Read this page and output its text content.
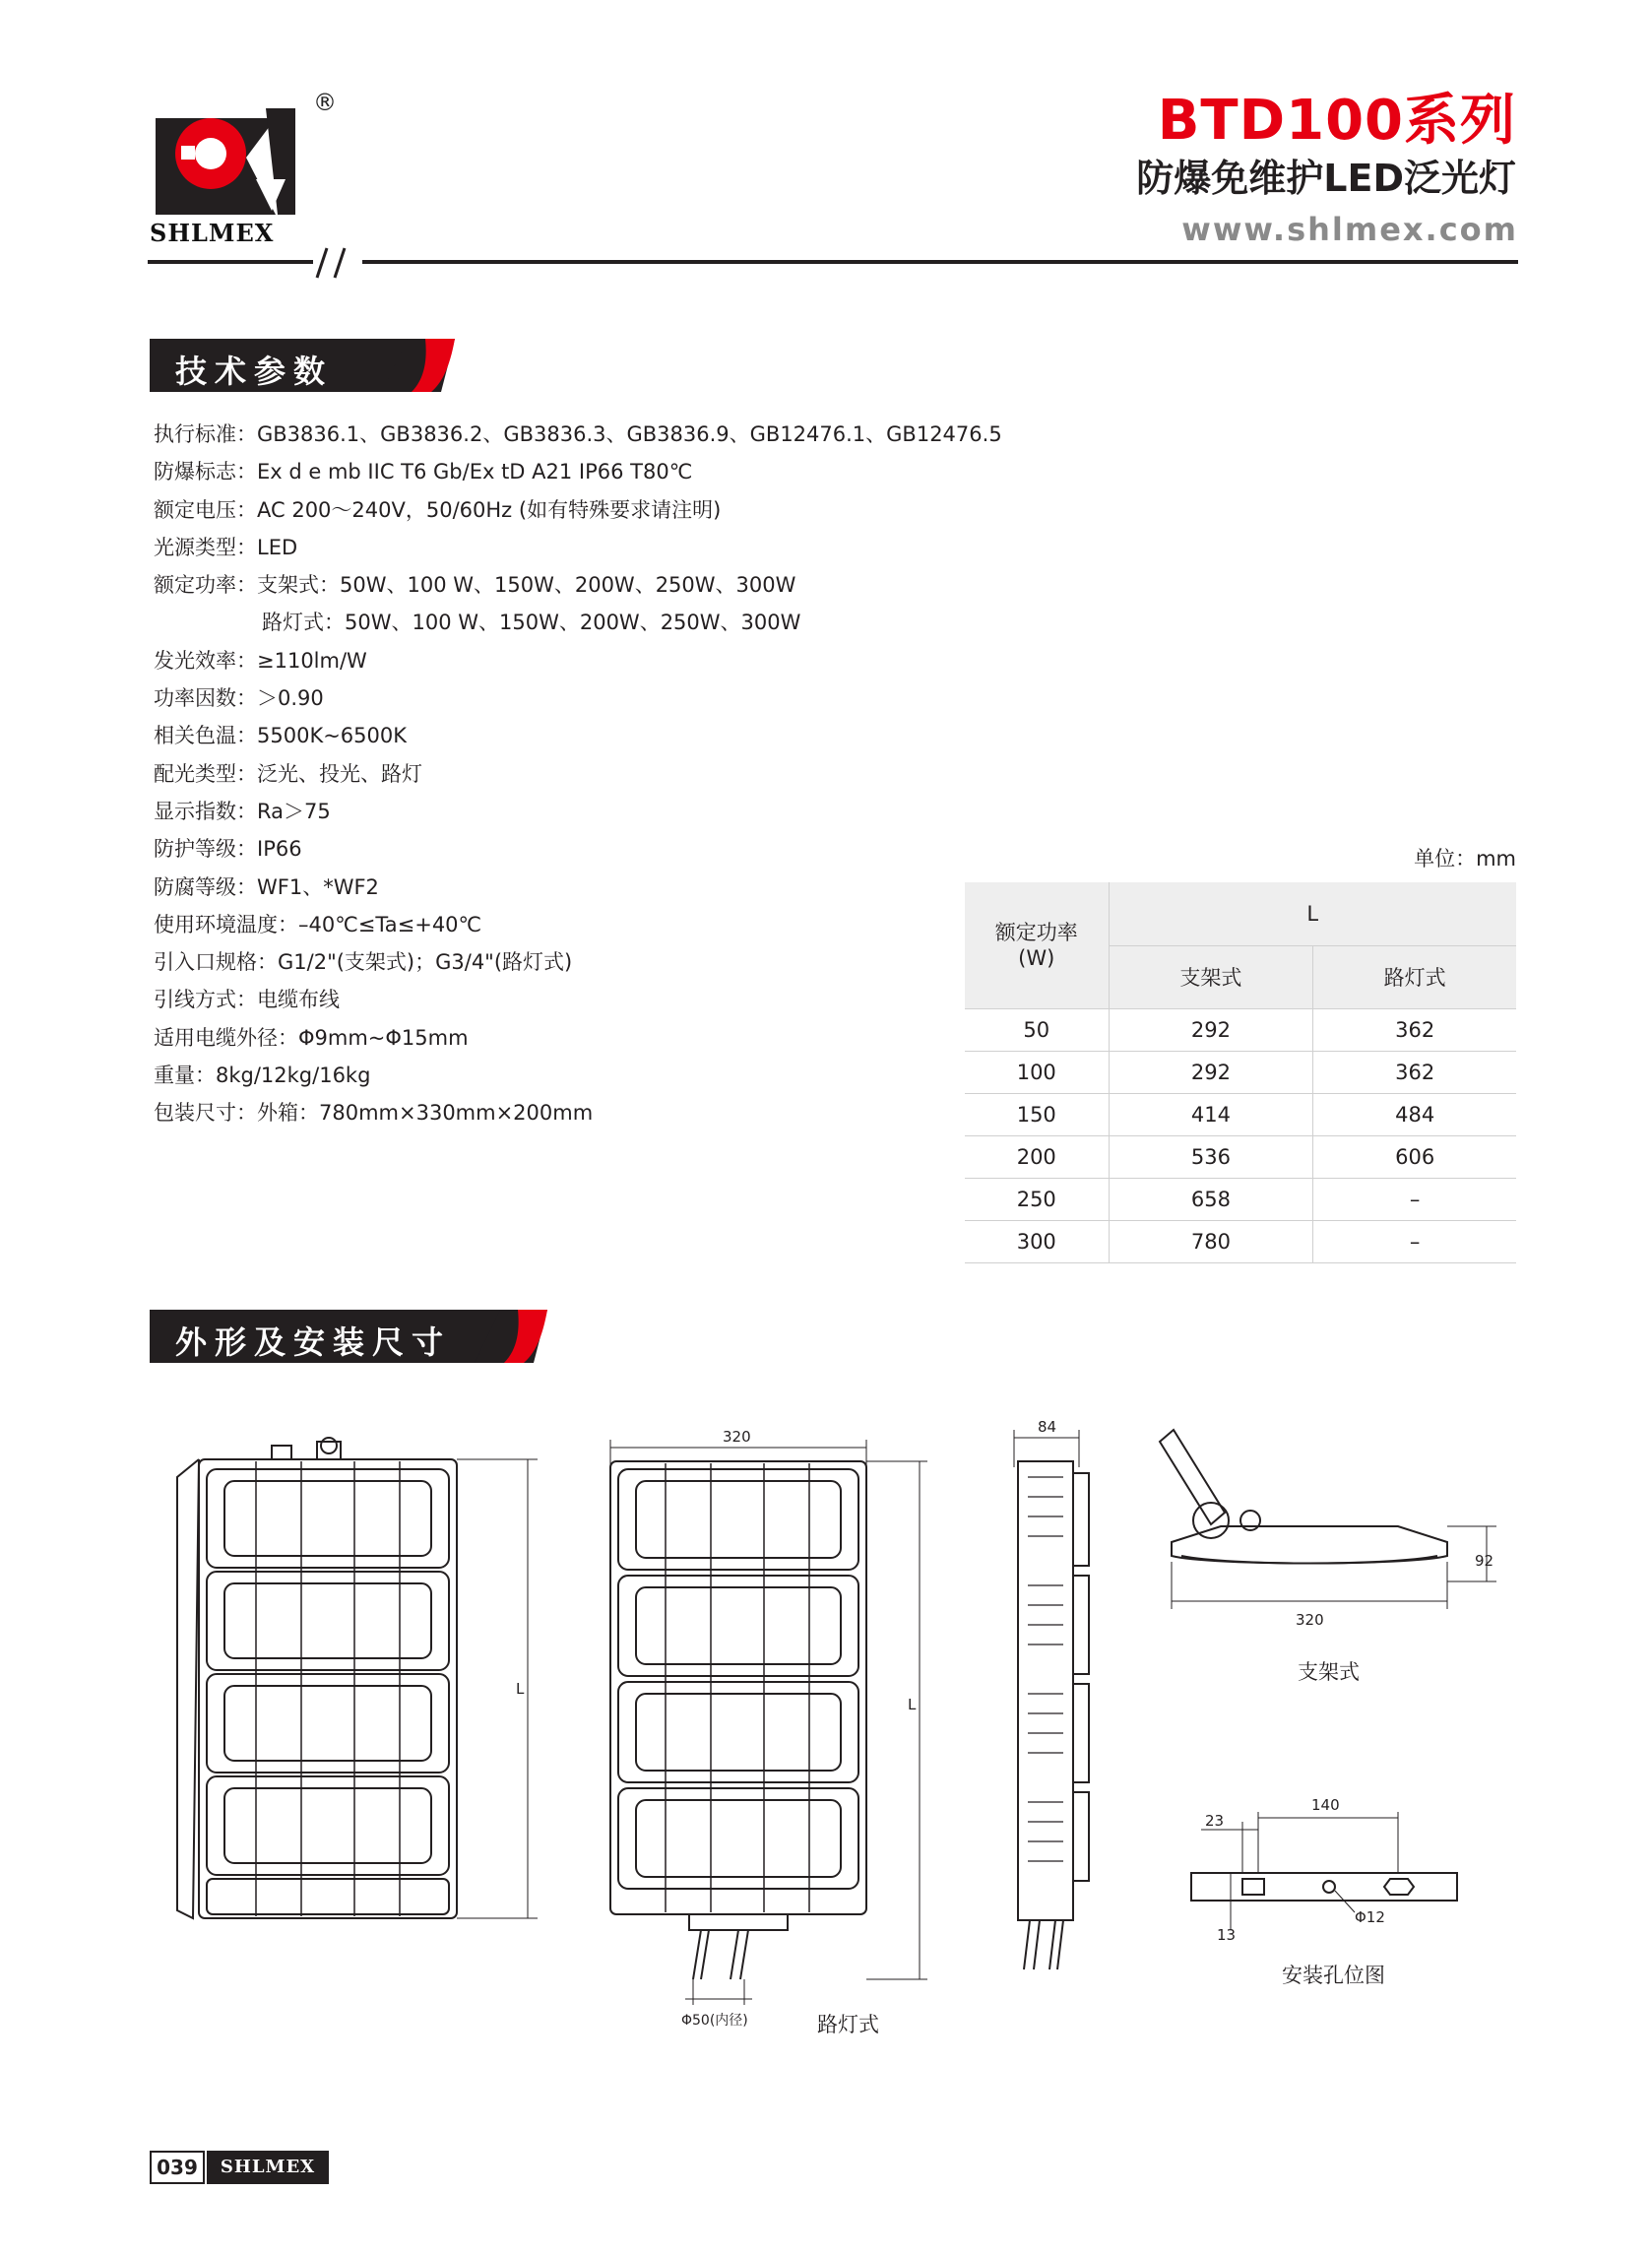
SHLMEX
®	BTD100系列
防爆免维护LED泛光灯
www.shlmex.com
技术参数
执行标准：GB3836.1、GB3836.2、GB3836.3、GB3836.9、GB12476.1、GB12476.5
防爆标志：Ex d e mb IIC T6 Gb/Ex tD A21 IP66 T80℃
额定电压：AC 200～240V，50/60Hz (如有特殊要求请注明)
光源类型：LED
额定功率：支架式：50W、100 W、150W、200W、250W、300W
路灯式：50W、100 W、150W、200W、250W、300W
发光效率：≥110lm/W
功率因数：＞0.90
相关色温：5500K~6500K
配光类型：泛光、投光、路灯
显示指数：Ra＞75
防护等级：IP66
防腐等级：WF1、*WF2
使用环境温度：–40℃≤Ta≤+40℃
引入口规格：G1/2"(支架式)；G3/4"(路灯式)
引线方式：电缆布线
适用电缆外径：Φ9mm~Φ15mm
重量：8kg/12kg/16kg
包装尺寸：外箱：780mm×330mm×200mm
单位：mm
额定功率
(W)	L	
	支架式	路灯式
50	292	362
100	292	362
150	414	484
200	536	606
250	658	–
300	780	–
外形及安装尺寸
L
320
L
Φ50(内径)	路灯式
84
92
320
支架式
23
140
13
Φ12
安装孔位图
039	SHLMEX
